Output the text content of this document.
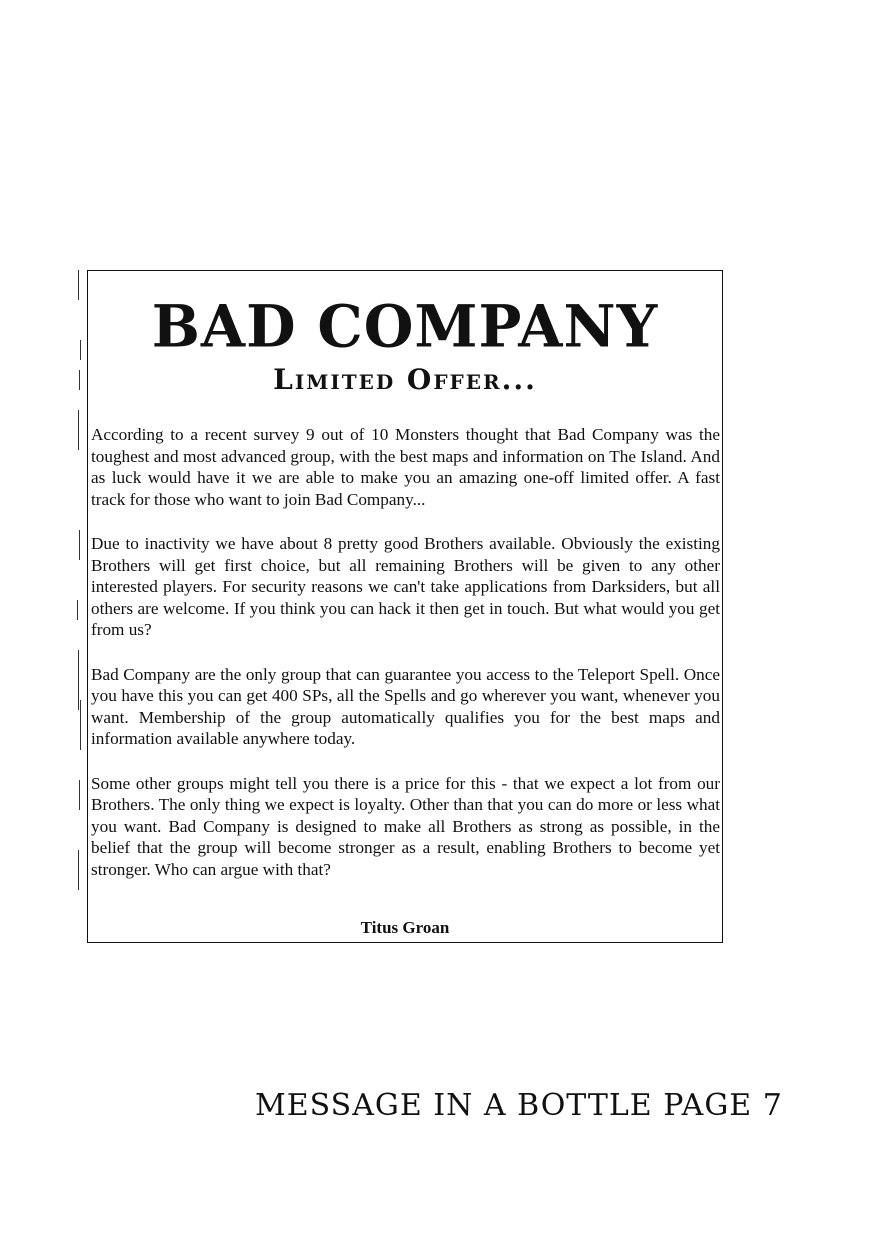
BAD COMPANY
Limited Offer...

According to a recent survey 9 out of 10 Monsters thought that Bad Company was the toughest and most advanced group, with the best maps and information on The Island. And as luck would have it we are able to make you an amazing one-off limited offer. A fast track for those who want to join Bad Company...

Due to inactivity we have about 8 pretty good Brothers available. Obviously the existing Brothers will get first choice, but all remaining Brothers will be given to any other interested players. For security reasons we can't take applications from Darksiders, but all others are welcome. If you think you can hack it then get in touch. But what would you get from us?

Bad Company are the only group that can guarantee you access to the Teleport Spell. Once you have this you can get 400 SPs, all the Spells and go wherever you want, whenever you want. Membership of the group automatically qualifies you for the best maps and information available anywhere today.

Some other groups might tell you there is a price for this - that we expect a lot from our Brothers. The only thing we expect is loyalty. Other than that you can do more or less what you want. Bad Company is designed to make all Brothers as strong as possible, in the belief that the group will become stronger as a result, enabling Brothers to become yet stronger. Who can argue with that?

Titus Groan
MESSAGE IN A BOTTLE PAGE 7
